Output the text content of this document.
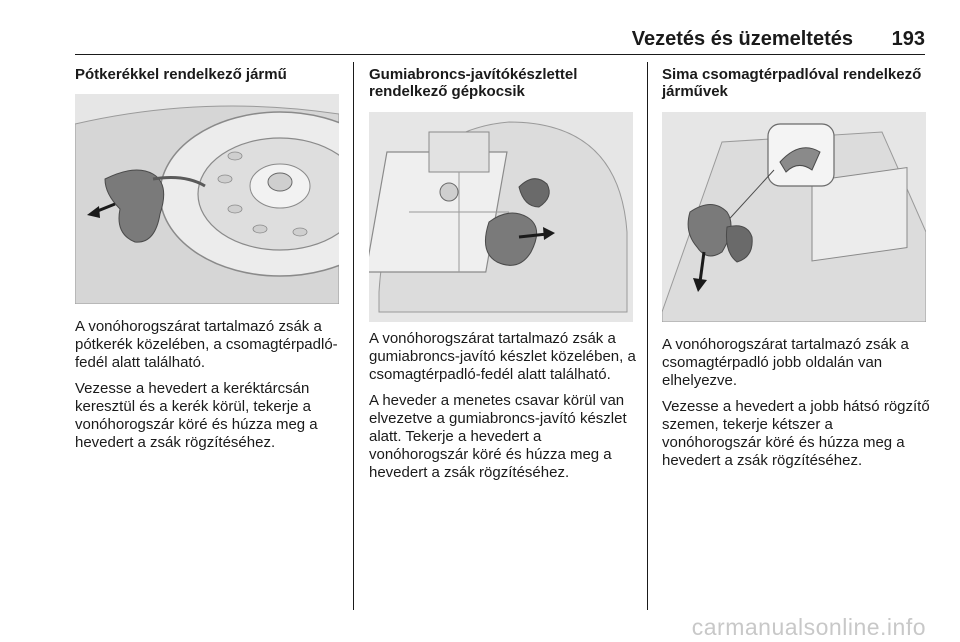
Vezetés és üzemeltetés 193
Pótkerékkel rendelkező jármű

A vonóhorogszárat tartalmazó zsák a pótkerék közelében, a csomagtérpadló-fedél alatt található.

Vezesse a hevedert a keréktárcsán keresztül és a kerék körül, tekerje a vonóhorogszár köré és húzza meg a hevedert a zsák rögzítéséhez.

Gumiabroncs-javítókészlettel rendelkező gépkocsik

A vonóhorogszárat tartalmazó zsák a gumiabroncs-javító készlet közelében, a csomagtérpadló-fedél alatt található.

A heveder a menetes csavar körül van elvezetve a gumiabroncs-javító készlet alatt. Tekerje a hevedert a vonóhorogszár köré és húzza meg a hevedert a zsák rögzítéséhez.

Sima csomagtérpadlóval rendelkező járművek

A vonóhorogszárat tartalmazó zsák a csomagtérpadló jobb oldalán van elhelyezve.

Vezesse a hevedert a jobb hátsó rögzítő szemen, tekerje kétszer a vonóhorogszár köré és húzza meg a hevedert a zsák rögzítéséhez.

carmanualsonline.info
